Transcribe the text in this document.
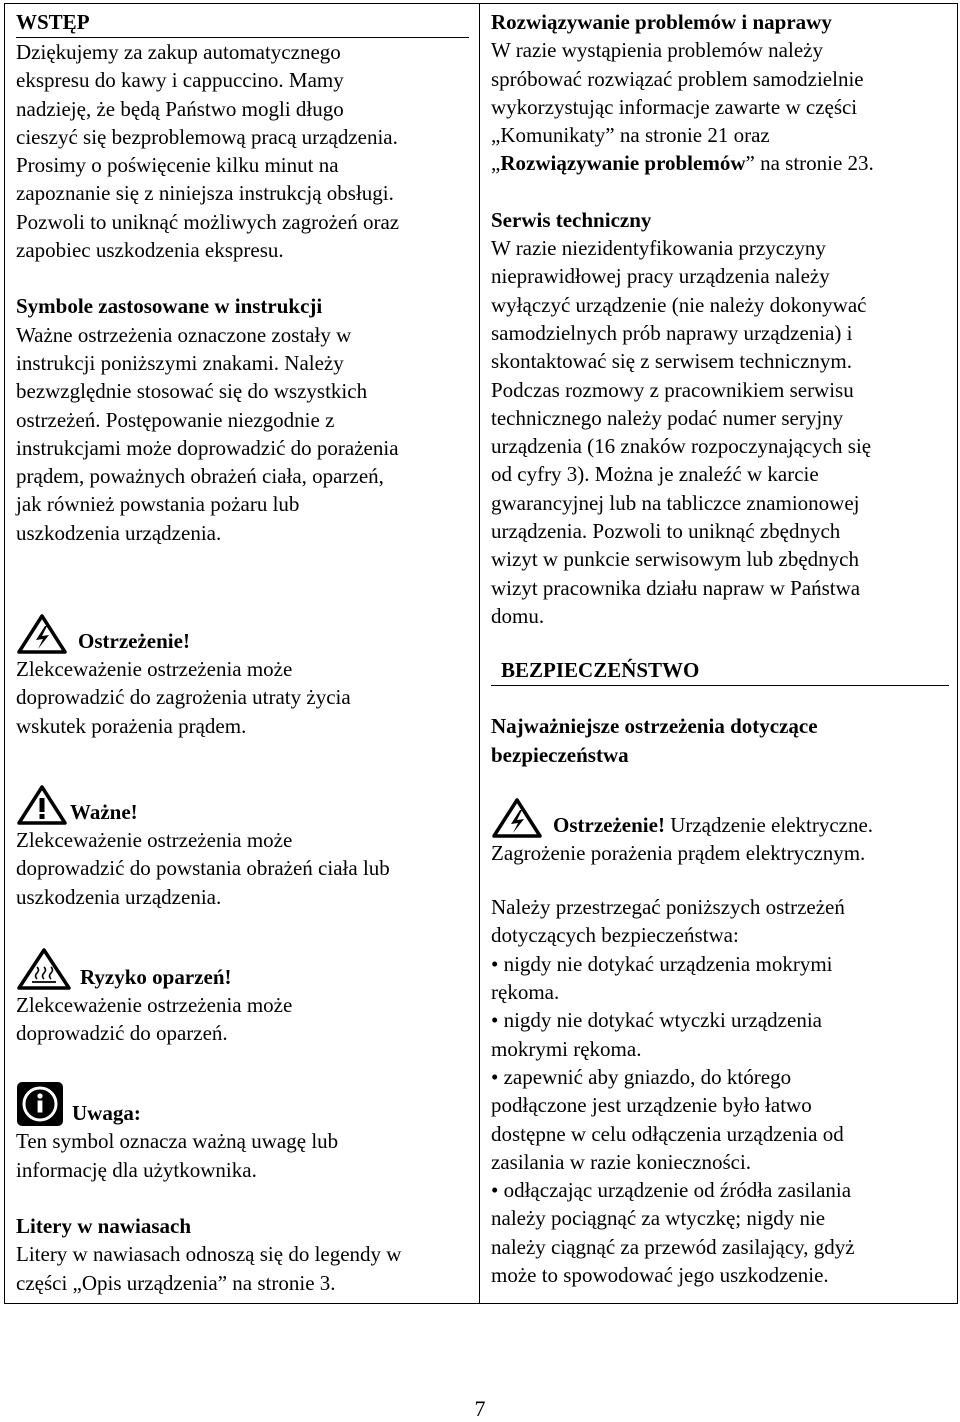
WSTĘP

Dziękujemy za zakup automatycznego

ekspresu do kawy i cappuccino. Mamy

nadzieję, że będą Państwo mogli długo

cieszyć się bezproblemową pracą urządzenia.

Prosimy o poświęcenie kilku minut na

zapoznanie się z niniejsza instrukcją obsługi.

Pozwoli to uniknąć możliwych zagrożeń oraz

zapobiec uszkodzenia ekspresu.

Symbole zastosowane w instrukcji

Ważne ostrzeżenia oznaczone zostały w

instrukcji poniższymi znakami. Należy

bezwzględnie stosować się do wszystkich

ostrzeżeń. Postępowanie niezgodnie z

instrukcjami może doprowadzić do porażenia

prądem, poważnych obrażeń ciała, oparzeń,

jak również powstania pożaru lub

uszkodzenia urządzenia.

Ostrzeżenie!

Zlekceważenie ostrzeżenia może

doprowadzić do zagrożenia utraty życia

wskutek porażenia prądem.

Ważne!

Zlekceważenie ostrzeżenia może

doprowadzić do powstania obrażeń ciała lub

uszkodzenia urządzenia.

Ryzyko oparzeń!

Zlekceważenie ostrzeżenia może

doprowadzić do oparzeń.

Uwaga:

Ten symbol oznacza ważną uwagę lub

informację dla użytkownika.

Litery w nawiasach

Litery w nawiasach odnoszą się do legendy w

części „Opis urządzenia” na stronie 3.

Rozwiązywanie problemów i naprawy

W razie wystąpienia problemów należy

spróbować rozwiązać problem samodzielnie

wykorzystując informacje zawarte w części

„Komunikaty” na stronie 21 oraz

„Rozwiązywanie problemów” na stronie 23.

Serwis techniczny

W razie niezidentyfikowania przyczyny

nieprawidłowej pracy urządzenia należy

wyłączyć urządzenie (nie należy dokonywać

samodzielnych prób naprawy urządzenia) i

skontaktować się z serwisem technicznym.

Podczas rozmowy z pracownikiem serwisu

technicznego należy podać numer seryjny

urządzenia (16 znaków rozpoczynających się

od cyfry 3). Można je znaleźć w karcie

gwarancyjnej lub na tabliczce znamionowej

urządzenia. Pozwoli to uniknąć zbędnych

wizyt w punkcie serwisowym lub zbędnych

wizyt pracownika działu napraw w Państwa

domu.

BEZPIECZEŃSTWO

Najważniejsze ostrzeżenia dotyczące

bezpieczeństwa

Ostrzeżenie! Urządzenie elektryczne.

Zagrożenie porażenia prądem elektrycznym.

Należy przestrzegać poniższych ostrzeżeń

dotyczących bezpieczeństwa:

• nigdy nie dotykać urządzenia mokrymi

rękoma.

• nigdy nie dotykać wtyczki urządzenia

mokrymi rękoma.

• zapewnić aby gniazdo, do którego

podłączone jest urządzenie było łatwo

dostępne w celu odłączenia urządzenia od

zasilania w razie konieczności.

• odłączając urządzenie od źródła zasilania

należy pociągnąć za wtyczkę; nigdy nie

należy ciągnąć za przewód zasilający, gdyż

może to spowodować jego uszkodzenie.

7
